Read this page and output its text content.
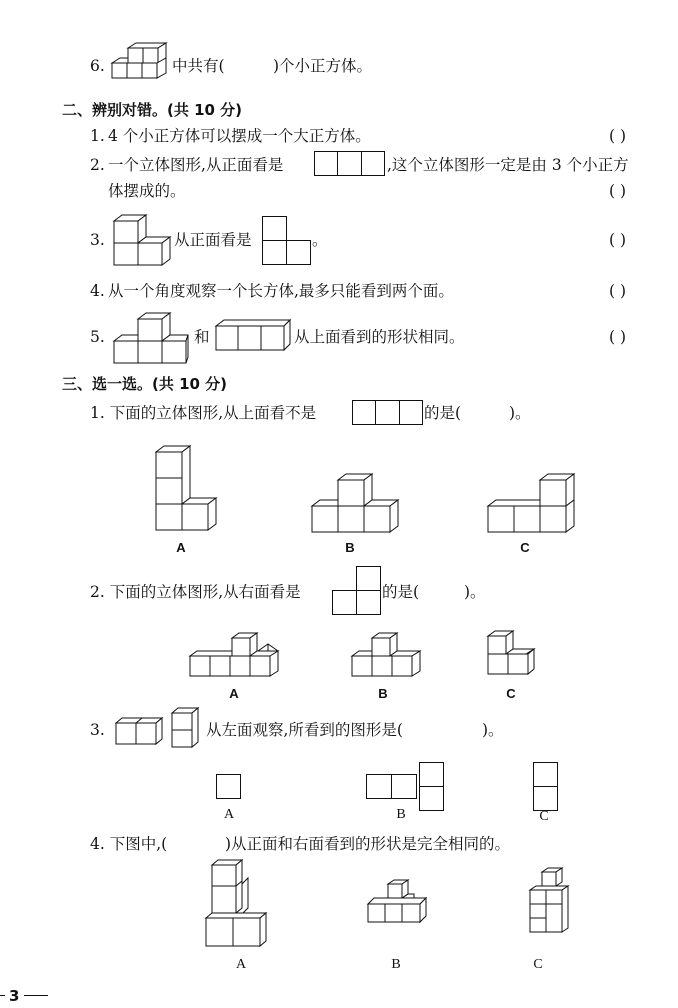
6.	中共有(	)个小正方体。
二、辨别对错。(共 10 分)
1. 4 个小正方体可以摆成一个大正方体。	( )
2. 一个立体图形,从正面看是	,这个立体图形一定是由 3 个小正方
体摆成的。	( )
3.	从正面看是	。	( )
4. 从一个角度观察一个长方体,最多只能看到两个面。	( )
5.	和	从上面看到的形状相同。	( )
三、选一选。(共 10 分)
1. 下面的立体图形,从上面看不是	的是(	)。
A	B	C
2. 下面的立体图形,从右面看是	的是(	)。
A	B	C
3.	从左面观察,所看到的图形是(	)。
A	B	C
4. 下图中,(	)从正面和右面看到的形状是完全相同的。
A	B	C
3
